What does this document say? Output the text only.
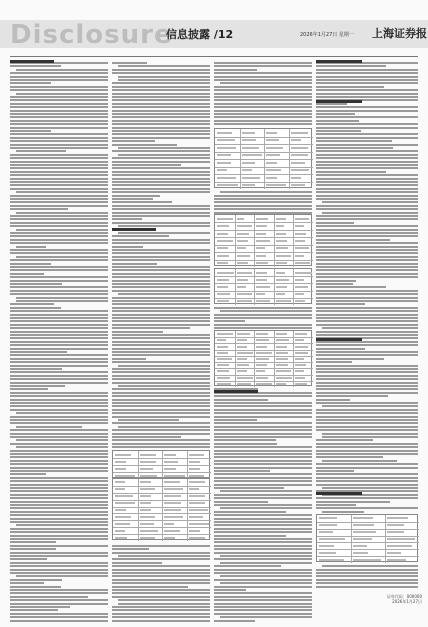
Disclosure
信息披露 /12	2026年1月27日 星期一 上海证券报
证券代码：000000
2026年1月27日
